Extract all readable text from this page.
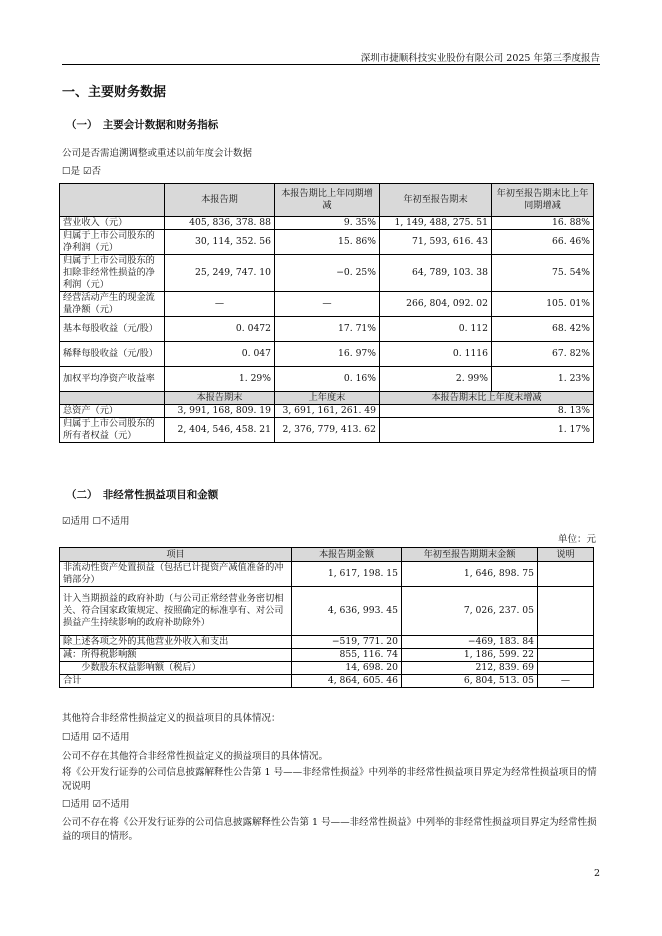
深圳市捷顺科技实业股份有限公司 2025 年第三季度报告
一、主要财务数据
（一）　主要会计数据和财务指标
公司是否需追溯调整或重述以前年度会计数据
☐是 ☑否
	本报告期	本报告期比上年同期增减	年初至报告期末	年初至报告期末比上年同期增减
营业收入（元）	405, 836, 378. 88	9. 35%	1, 149, 488, 275. 51	16. 88%
归属于上市公司股东的净利润（元）	30, 114, 352. 56	15. 86%	71, 593, 616. 43	66. 46%
归属于上市公司股东的扣除非经常性损益的净利润（元）	25, 249, 747. 10	−0. 25%	64, 789, 103. 38	75. 54%
经营活动产生的现金流量净额（元）	—	—	266, 804, 092. 02	105. 01%
基本每股收益（元/股）	0. 0472	17. 71%	0. 112	68. 42%
稀释每股收益（元/股）	0. 047	16. 97%	0. 1116	67. 82%
加权平均净资产收益率	1. 29%	0. 16%	2. 99%	1. 23%
	本报告期末	上年度末	本报告期末比上年度末增减	
总资产（元）	3, 991, 168, 809. 19	3, 691, 161, 261. 49	8. 13%	
归属于上市公司股东的所有者权益（元）	2, 404, 546, 458. 21	2, 376, 779, 413. 62	1. 17%	
（二）　非经常性损益项目和金额
☑适用 ☐不适用
单位：元
项目	本报告期金额	年初至报告期期末金额	说明
非流动性资产处置损益（包括已计提资产减值准备的冲销部分）	1, 617, 198. 15	1, 646, 898. 75	
计入当期损益的政府补助（与公司正常经营业务密切相关、符合国家政策规定、按照确定的标准享有、对公司损益产生持续影响的政府补助除外）	4, 636, 993. 45	7, 026, 237. 05	
除上述各项之外的其他营业外收入和支出	−519, 771. 20	−469, 183. 84	
减：所得税影响额	855, 116. 74	1, 186, 599. 22	
　　少数股东权益影响额（税后）	14, 698. 20	212, 839. 69	
合计	4, 864, 605. 46	6, 804, 513. 05	—
其他符合非经常性损益定义的损益项目的具体情况：
☐适用 ☑不适用
公司不存在其他符合非经常性损益定义的损益项目的具体情况。
将《公开发行证券的公司信息披露解释性公告第 1 号——非经常性损益》中列举的非经常性损益项目界定为经常性损益项目的情况说明
☐适用 ☑不适用
公司不存在将《公开发行证券的公司信息披露解释性公告第 1 号——非经常性损益》中列举的非经常性损益项目界定为经常性损益的项目的情形。
2
